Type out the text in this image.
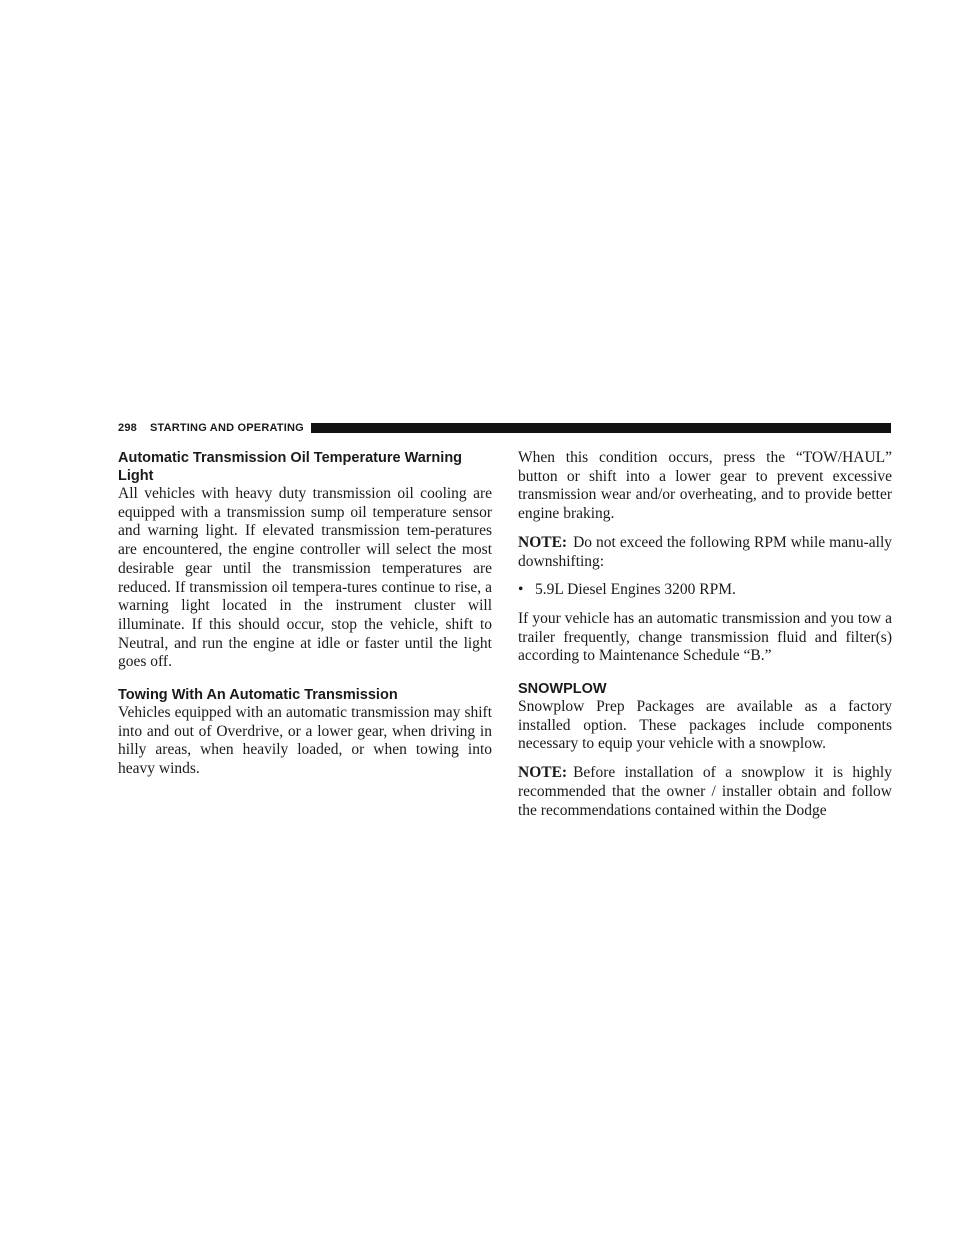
298 STARTING AND OPERATING
Automatic Transmission Oil Temperature Warning Light

All vehicles with heavy duty transmission oil cooling are equipped with a transmission sump oil temperature sensor and warning light. If elevated transmission tem-peratures are encountered, the engine controller will select the most desirable gear until the transmission temperatures are reduced. If transmission oil tempera-tures continue to rise, a warning light located in the instrument cluster will illuminate. If this should occur, stop the vehicle, shift to Neutral, and run the engine at idle or faster until the light goes off.

Towing With An Automatic Transmission

Vehicles equipped with an automatic transmission may shift into and out of Overdrive, or a lower gear, when driving in hilly areas, when heavily loaded, or when towing into heavy winds.

When this condition occurs, press the “TOW/HAUL” button or shift into a lower gear to prevent excessive transmission wear and/or overheating, and to provide better engine braking.

NOTE: Do not exceed the following RPM while manu-ally downshifting:

• 5.9L Diesel Engines 3200 RPM.

If your vehicle has an automatic transmission and you tow a trailer frequently, change transmission fluid and filter(s) according to Maintenance Schedule “B.”

SNOWPLOW

Snowplow Prep Packages are available as a factory installed option. These packages include components necessary to equip your vehicle with a snowplow.

NOTE: Before installation of a snowplow it is highly recommended that the owner / installer obtain and follow the recommendations contained within the Dodge
